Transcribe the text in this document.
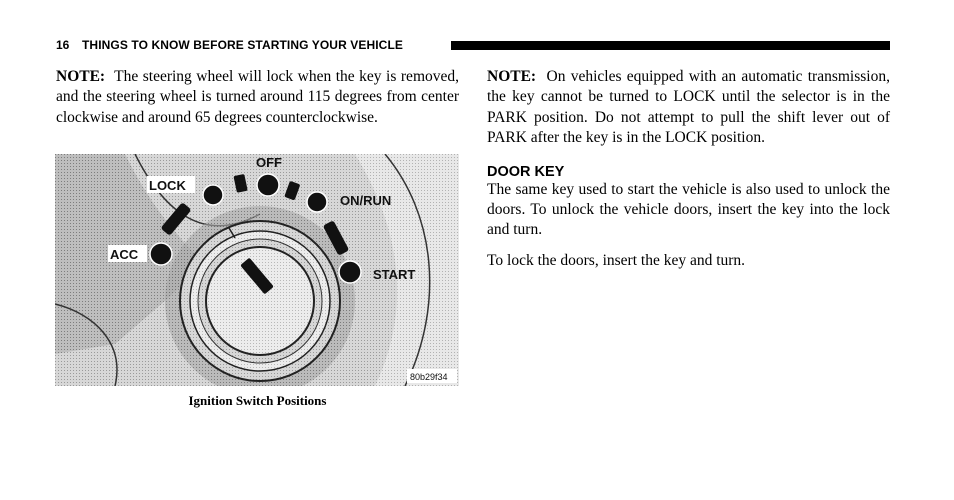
16 THINGS TO KNOW BEFORE STARTING YOUR VEHICLE

NOTE: The steering wheel will lock when the key is removed, and the steering wheel is turned around 115 degrees from center clockwise and around 65 degrees counterclockwise.

OFF
LOCK
ON/RUN
ACC
START
80b29f34
Ignition Switch Positions

NOTE: On vehicles equipped with an automatic transmission, the key cannot be turned to LOCK until the selector is in the PARK position. Do not attempt to pull the shift lever out of PARK after the key is in the LOCK position.

DOOR KEY

The same key used to start the vehicle is also used to unlock the doors. To unlock the vehicle doors, insert the key into the lock and turn.

To lock the doors, insert the key and turn.
